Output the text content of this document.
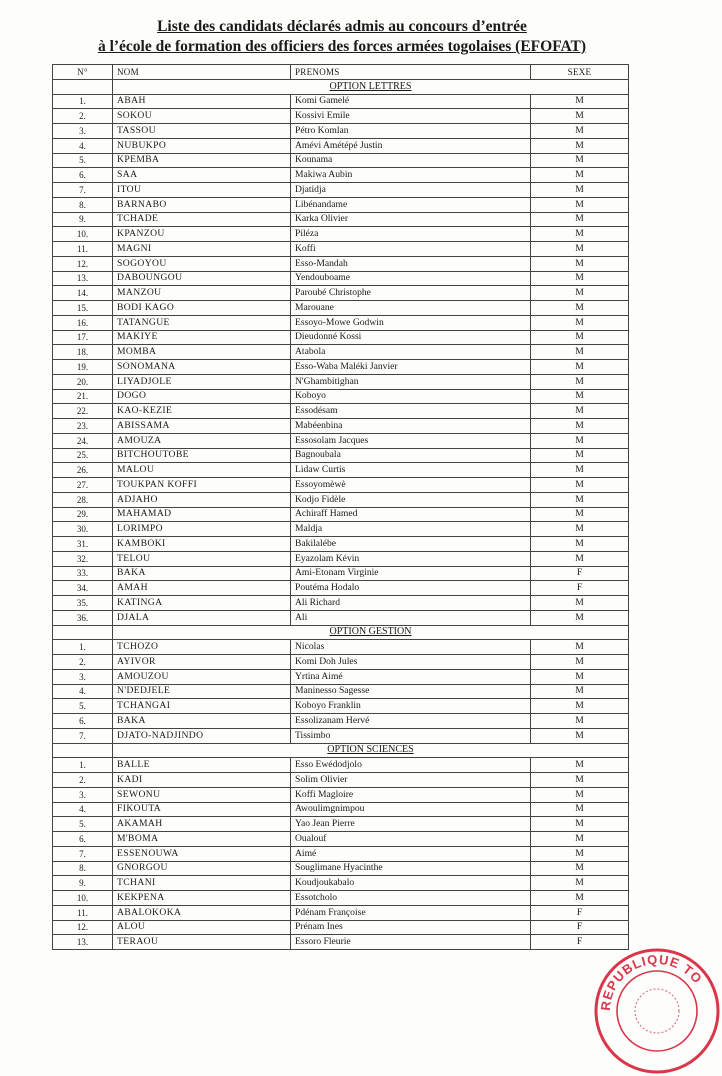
Liste des candidats déclarés admis au concours d’entrée
à l’école de formation des officiers des forces armées togolaises (EFOFAT)
N°	NOM	PRENOMS	SEXE
	OPTION LETTRES		
1.	ABAH	Komi Gamelé	M
2.	SOKOU	Kossivi Emile	M
3.	TASSOU	Pétro Komlan	M
4.	NUBUKPO	Amévi Amétépé Justin	M
5.	KPEMBA	Kounama	M
6.	SAA	Makiwa Aubin	M
7.	ITOU	Djatidja	M
8.	BARNABO	Libénandame	M
9.	TCHADE	Karka Olivier	M
10.	KPANZOU	Piléza	M
11.	MAGNI	Koffi	M
12.	SOGOYOU	Esso-Mandah	M
13.	DABOUNGOU	Yendoubоame	M
14.	MANZOU	Paroubé Christophe	M
15.	BODI KAGO	Marouane	M
16.	TATANGUE	Essoyo-Mowe Godwin	M
17.	MAKIYE	Dieudonné Kossi	M
18.	MOMBA	Atabola	M
19.	SONOMANA	Esso-Waba Maléki Janvier	M
20.	LIYADJOLE	N'Ghambitighan	M
21.	DOGO	Koboyo	M
22.	KAO-KEZIE	Essodésam	M
23.	ABISSAMA	Mabéenbina	M
24.	AMOUZA	Essosolam Jacques	M
25.	BITCHOUTOBE	Bagnoubala	M
26.	MALOU	Lidaw Curtis	M
27.	TOUKPAN KOFFI	Essoyomèwè	M
28.	ADJAHO	Kodjo Fidèle	M
29.	MAHAMAD	Achiraff Hamed	M
30.	LORIMPO	Maldja	M
31.	KAMBOKI	Bakilalébe	M
32.	TELOU	Eyazolam Kévin	M
33.	BAKA	Ami-Etonam Virginie	F
34.	AMAH	Poutéma Hodalo	F
35.	KATINGA	Ali Richard	M
36.	DJALA	Ali	M
	OPTION GESTION		
1.	TCHOZO	Nicolas	M
2.	AYIVOR	Komi Doh Jules	M
3.	AMOUZOU	Yrtina Aimé	M
4.	N'DEDJELE	Maninesso Sagesse	M
5.	TCHANGAI	Koboyo Franklin	M
6.	BAKA	Essolizanam Hervé	M
7.	DJATO-NADJINDO	Tissimbo	M
	OPTION SCIENCES		
1.	BALLE	Esso Ewédodjolo	M
2.	KADI	Solim Olivier	M
3.	SEWONU	Koffi Magloire	M
4.	FIKOUTA	Awoulimgnimpou	M
5.	AKAMAH	Yao Jean Pierre	M
6.	M'BOMA	Oualouf	M
7.	ESSENOUWA	Aimé	M
8.	GNORGOU	Souglimane Hyacinthe	M
9.	TCHANI	Koudjoukabalo	M
10.	KEKPENA	Essotcholo	M
11.	ABALOKOKA	Pdénam Françoise	F
12.	ALOU	Prénam Ines	F
13.	TERAOU	Essoro Fleurie	F
REPUBLIQUE TO
